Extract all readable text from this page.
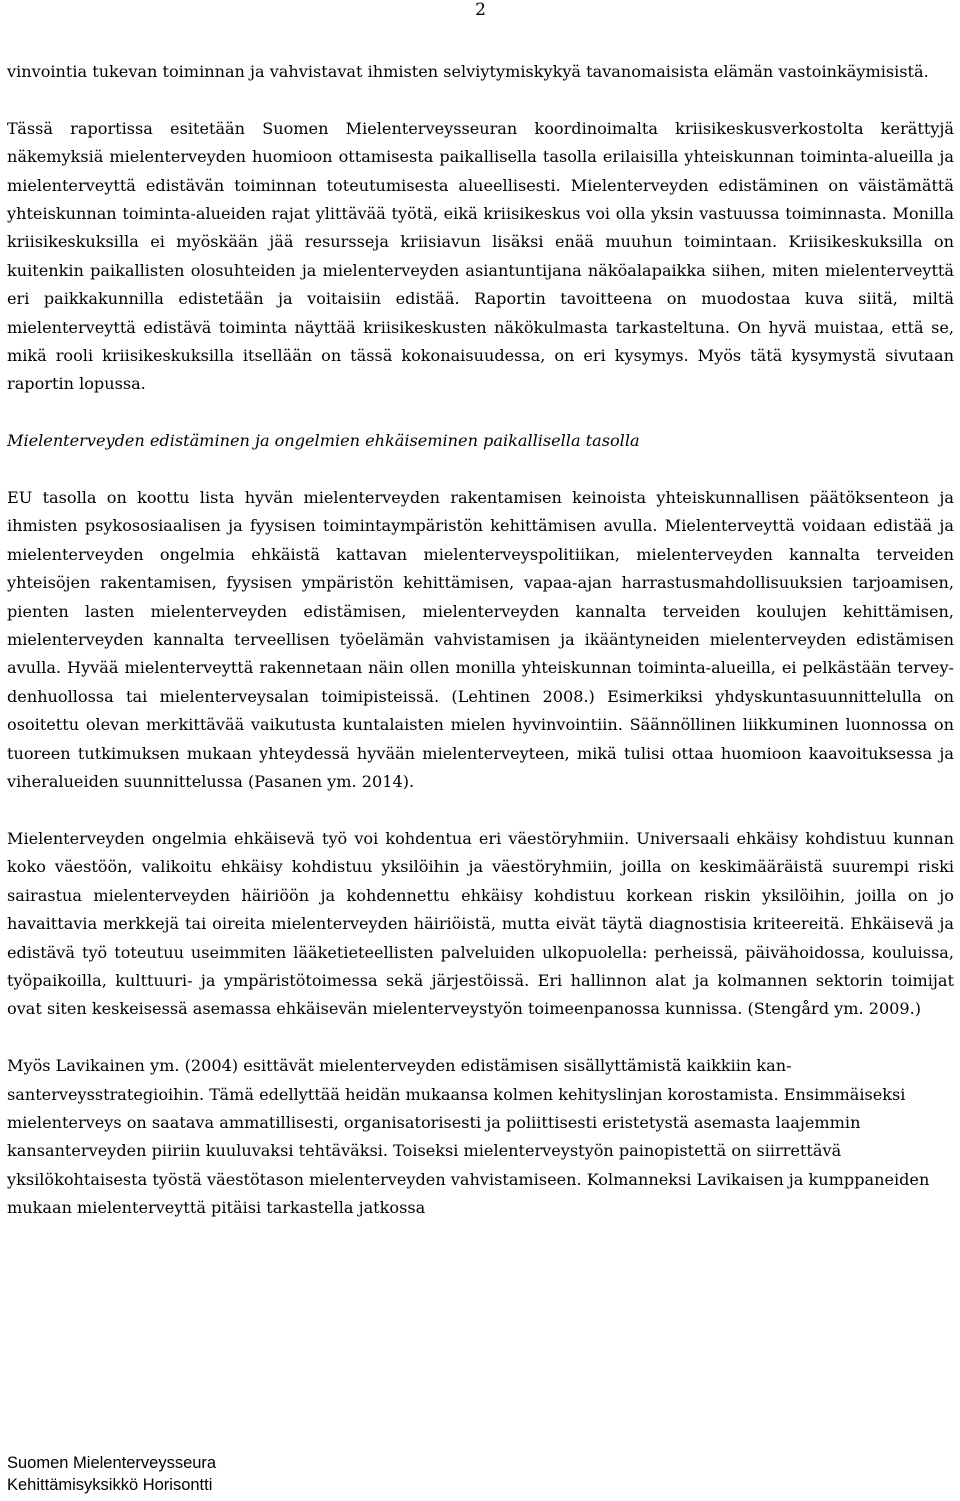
2

vinvointia tukevan toiminnan ja vahvistavat ihmisten selviytymiskykyä tavanomaisista elämän vastoinkäymisistä.

Tässä raportissa esitetään Suomen Mielenterveysseuran koordinoimalta kriisikeskusverkostolta kerättyjä näkemyksiä mielenterveyden huomioon ottamisesta paikallisella tasolla erilaisilla yhteiskunnan toiminta-alueilla ja mielenterveyttä edistävän toiminnan toteutumisesta alueellisesti. Mielenterveyden edistäminen on väistämättä yhteiskunnan toiminta-alueiden rajat ylittävää työtä, eikä kriisikeskus voi olla yksin vastuussa toiminnasta. Monilla kriisikeskuksilla ei myöskään jää resursseja kriisiavun lisäksi enää muuhun toimintaan. Kriisikeskuksilla on kuitenkin paikallisten olosuhteiden ja mielenterveyden asiantuntijana näköalapaikka siihen, miten mielenterveyttä eri paikkakunnilla edistetään ja voitaisiin edistää. Raportin tavoitteena on muodostaa kuva siitä, miltä mielenterveyttä edistävä toiminta näyttää kriisikeskusten näkökulmasta tarkasteltuna. On hyvä muistaa, että se, mikä rooli kriisikeskuksilla itsellään on tässä kokonaisuudessa, on eri kysymys. Myös tätä kysymystä sivutaan raportin lopussa.

Mielenterveyden edistäminen ja ongelmien ehkäiseminen paikallisella tasolla

EU tasolla on koottu lista hyvän mielenterveyden rakentamisen keinoista yhteiskunnallisen päätöksenteon ja ihmisten psykososiaalisen ja fyysisen toimintaympäristön kehittämisen avulla. Mielenterveyttä voidaan edistää ja mielenterveyden ongelmia ehkäistä kattavan mielenterveyspolitiikan, mielenterveyden kannalta terveiden yhteisöjen rakentamisen, fyysisen ympäristön kehittämisen, vapaa-ajan harrastusmahdollisuuksien tarjoamisen, pienten lasten mielenterveyden edistämisen, mielenterveyden kannalta terveiden koulujen kehittämisen, mielenterveyden kannalta terveellisen työelämän vahvistamisen ja ikääntyneiden mielenterveyden edistämisen avulla. Hyvää mielenterveyttä rakennetaan näin ollen monilla yhteiskunnan toiminta-alueilla, ei pelkästään terveydenhuollossa tai mielenterveysalan toimipisteissä. (Lehtinen 2008.) Esimerkiksi yhdyskuntasuunnittelulla on osoitettu olevan merkittävää vaikutusta kuntalaisten mielen hyvinvointiin. Säännöllinen liikkuminen luonnossa on tuoreen tutkimuksen mukaan yhteydessä hyvään mielenterveyteen, mikä tulisi ottaa huomioon kaavoituksessa ja viheralueiden suunnittelussa (Pasanen ym. 2014).

Mielenterveyden ongelmia ehkäisevä työ voi kohdentua eri väestöryhmiin. Universaali ehkäisy kohdistuu kunnan koko väestöön, valikoitu ehkäisy kohdistuu yksilöihin ja väestöryhmiin, joilla on keskimääräistä suurempi riski sairastua mielenterveyden häiriöön ja kohdennettu ehkäisy kohdistuu korkean riskin yksilöihin, joilla on jo havaittavia merkkejä tai oireita mielenterveyden häiriöistä, mutta eivät täytä diagnostisia kriteereitä. Ehkäisevä ja edistävä työ toteutuu useimmiten lääketieteellisten palveluiden ulkopuolella: perheissä, päivähoidossa, kouluissa, työpaikoilla, kulttuuri- ja ympäristötoimessa sekä järjestöissä. Eri hallinnon alat ja kolmannen sektorin toimijat ovat siten keskeisessä asemassa ehkäisevän mielenterveystyön toimeenpanossa kunnissa. (Stengård ym. 2009.)

Myös Lavikainen ym. (2004) esittävät mielenterveyden edistämisen sisällyttämistä kaikkiin kansanterveysstrategioihin. Tämä edellyttää heidän mukaansa kolmen kehityslinjan korostamista. Ensimmäiseksi mielenterveys on saatava ammatillisesti, organisatorisesti ja poliittisesti eristetystä asemasta laajemmin kansanterveyden piiriin kuuluvaksi tehtäväksi. Toiseksi mielenterveystyön painopistettä on siirrettävä yksilökohtaisesta työstä väestötason mielenterveyden vahvistamiseen. Kolmanneksi Lavikaisen ja kumppaneiden mukaan mielenterveyttä pitäisi tarkastella jatkossa

Suomen Mielenterveysseura
Kehittämisyksikkö Horisontti
